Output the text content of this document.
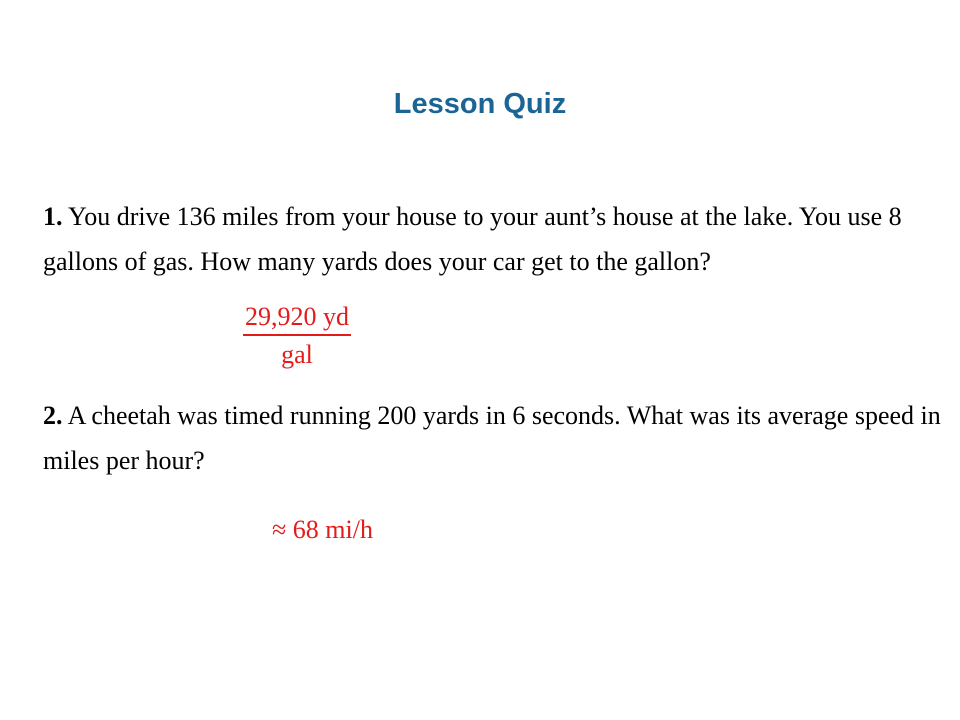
Lesson Quiz
1. You drive 136 miles from your house to your aunt’s house at the lake. You use 8 gallons of gas. How many yards does your car get to the gallon?
29,920 yd
gal
2. A cheetah was timed running 200 yards in 6 seconds. What was its average speed in miles per hour?
≈ 68 mi/h
